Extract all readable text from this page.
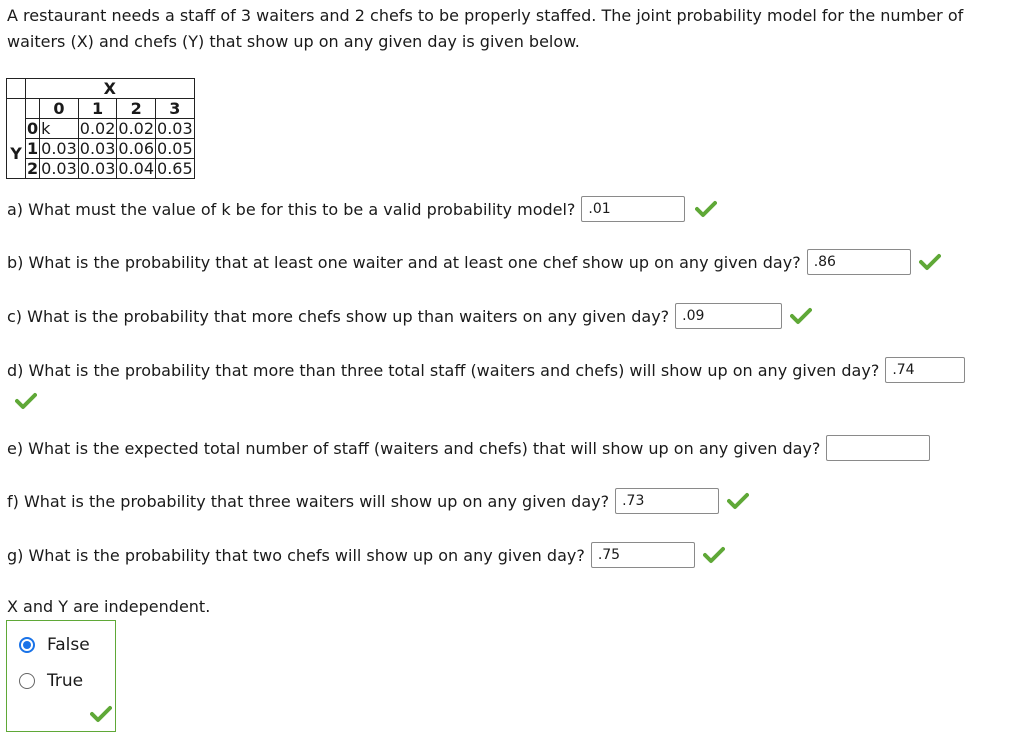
A restaurant needs a staff of 3 waiters and 2 chefs to be properly staffed. The joint probability model for the number of
waiters (X) and chefs (Y) that show up on any given day is given below.
	X				
Y		0	1	2	3
	0	k	0.02	0.02	0.03
	1	0.03	0.03	0.06	0.05
	2	0.03	0.03	0.04	0.65
a) What must the value of k be for this to be a valid probability model? .01
b) What is the probability that at least one waiter and at least one chef show up on any given day? .86
c) What is the probability that more chefs show up than waiters on any given day? .09
d) What is the probability that more than three total staff (waiters and chefs) will show up on any given day? .74
e) What is the expected total number of staff (waiters and chefs) that will show up on any given day?
f) What is the probability that three waiters will show up on any given day? .73
g) What is the probability that two chefs will show up on any given day? .75
X and Y are independent.
False
True
